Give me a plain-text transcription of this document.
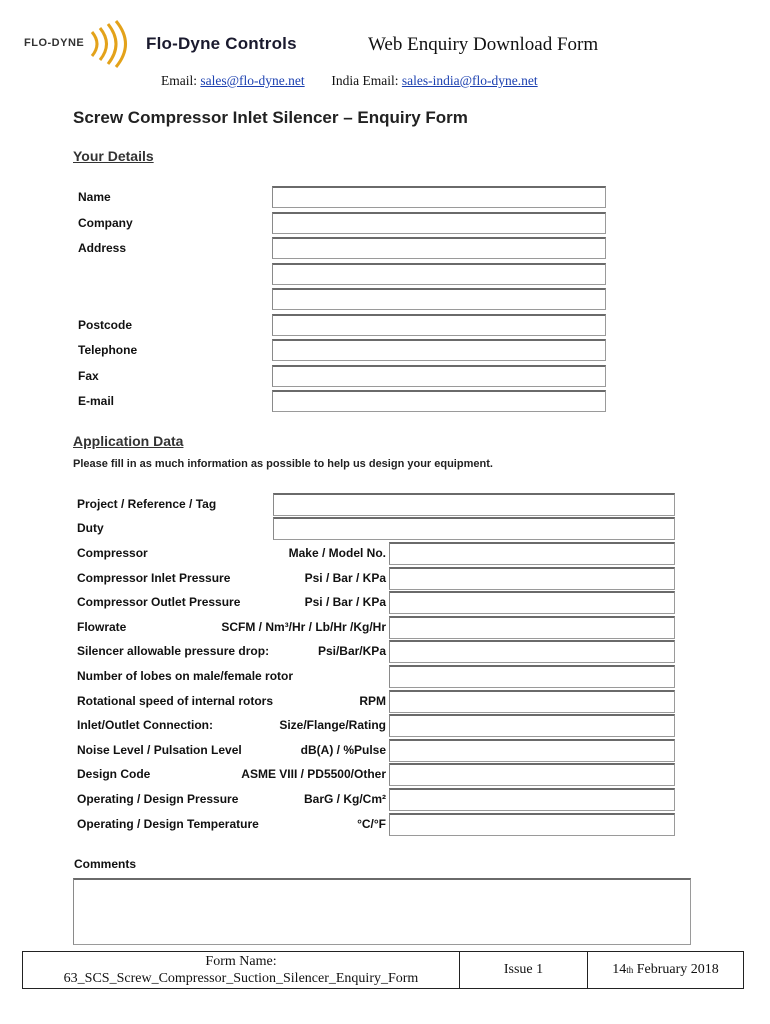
FLO-DYNE	Flo-Dyne Controls	Web Enquiry Download Form
Email: sales@flo-dyne.net India Email: sales-india@flo-dyne.net
Screw Compressor Inlet Silencer – Enquiry Form
Your Details
Name
Company
Address
Postcode
Telephone
Fax
E-mail
Application Data
Please fill in as much information as possible to help us design your equipment.
Project / Reference / Tag
Duty
Compressor	Make / Model No.
Compressor Inlet Pressure	Psi / Bar / KPa
Compressor Outlet Pressure	Psi / Bar / KPa
Flowrate	SCFM / Nm³/Hr / Lb/Hr /Kg/Hr
Silencer allowable pressure drop:	Psi/Bar/KPa
Number of lobes on male/female rotor
Rotational speed of internal rotors	RPM
Inlet/Outlet Connection:	Size/Flange/Rating
Noise Level / Pulsation Level	dB(A) / %Pulse
Design Code	ASME VIII / PD5500/Other
Operating / Design Pressure	BarG / Kg/Cm²
Operating / Design Temperature	°C/°F
Comments
Form Name:
63_SCS_Screw_Compressor_Suction_Silencer_Enquiry_Form
Issue 1	14 th February 2018
